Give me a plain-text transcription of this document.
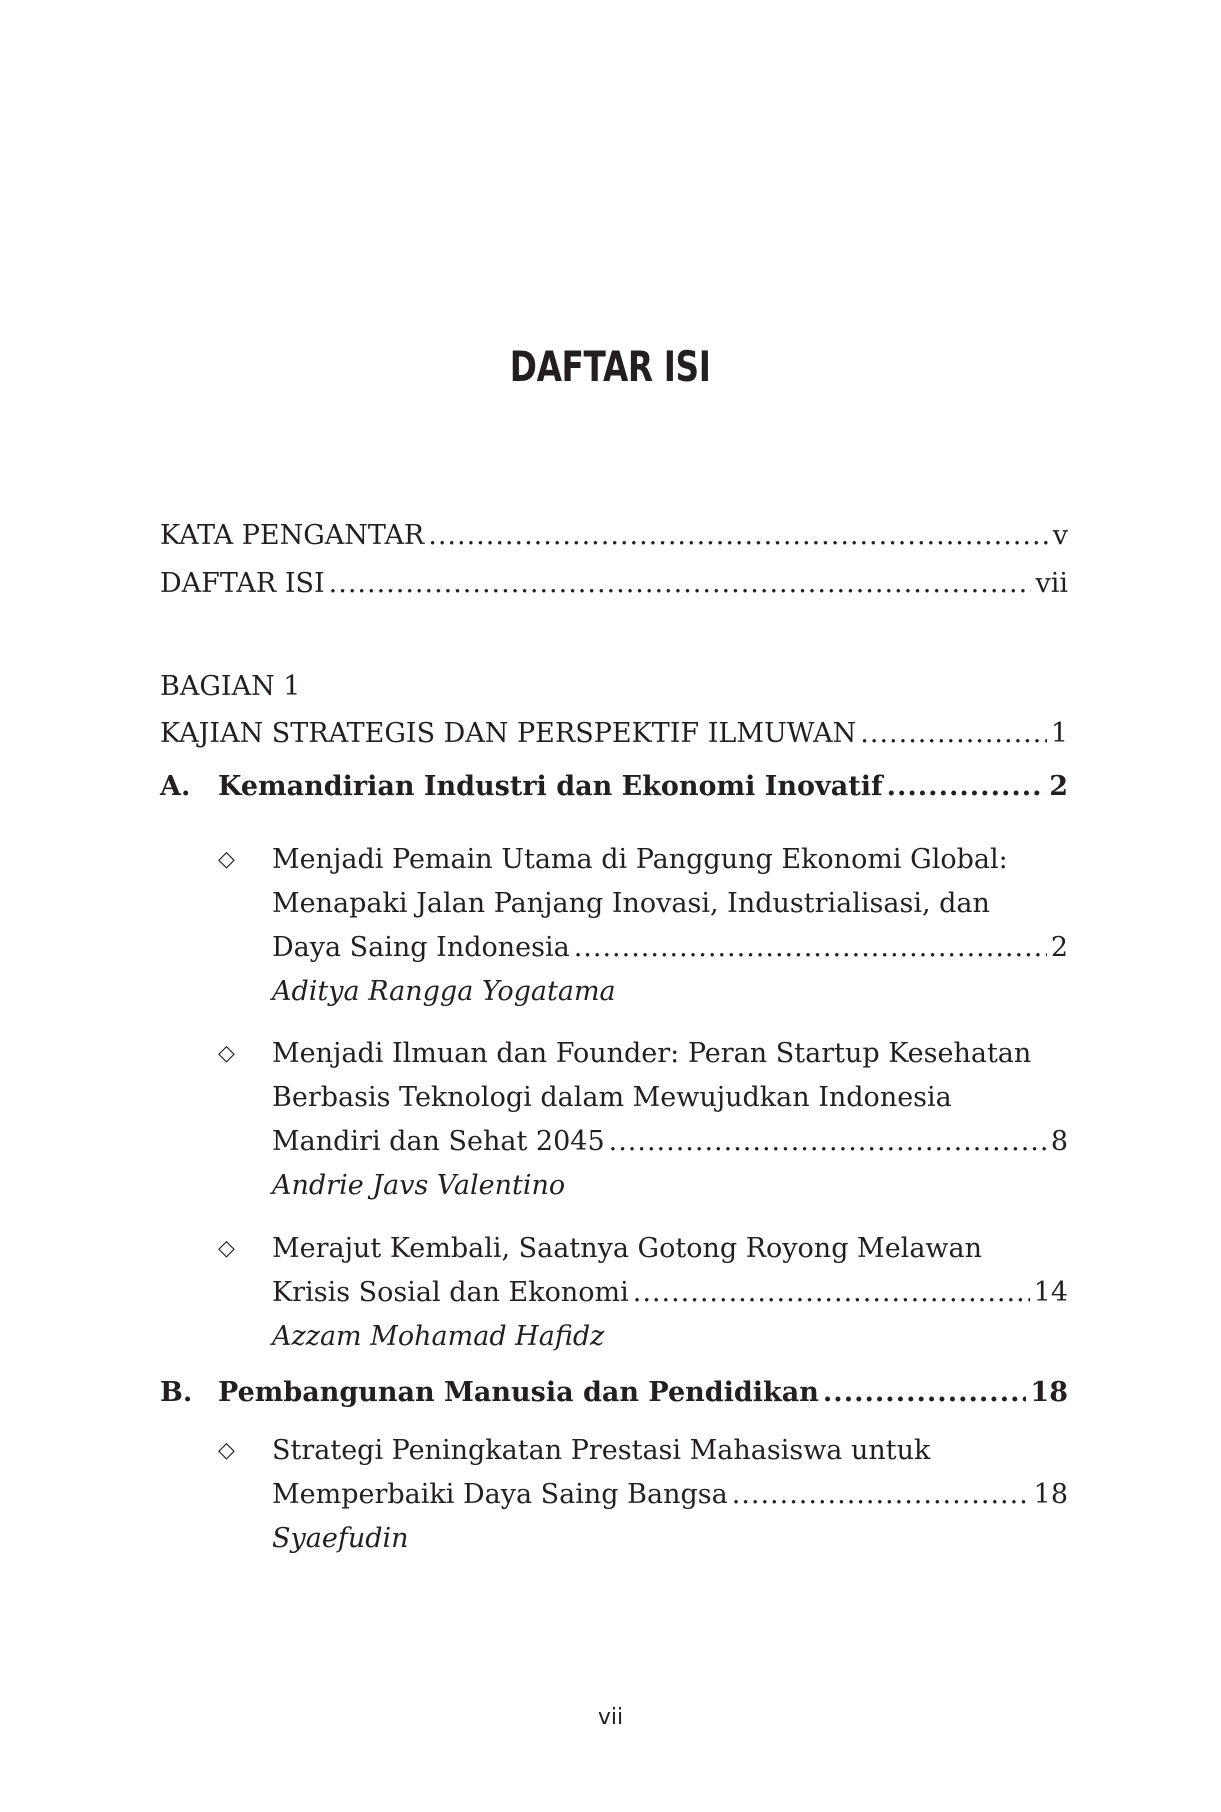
DAFTAR ISI
KATA PENGANTAR .....	v
DAFTAR ISI .....	vii
BAGIAN 1
KAJIAN STRATEGIS DAN PERSPEKTIF ILMUWAN .....	1
A. Kemandirian Industri dan Ekonomi Inovatif .....	2
◇ Menjadi Pemain Utama di Panggung Ekonomi Global:
Menapaki Jalan Panjang Inovasi, Industrialisasi, dan
Daya Saing Indonesia .....	2
Aditya Rangga Yogatama
◇ Menjadi Ilmuan dan Founder: Peran Startup Kesehatan
Berbasis Teknologi dalam Mewujudkan Indonesia
Mandiri dan Sehat 2045 .....	8
Andrie Javs Valentino
◇ Merajut Kembali, Saatnya Gotong Royong Melawan
Krisis Sosial dan Ekonomi .....	14
Azzam Mohamad Hafidz
B. Pembangunan Manusia dan Pendidikan .....	18
◇ Strategi Peningkatan Prestasi Mahasiswa untuk
Memperbaiki Daya Saing Bangsa .....	18
Syaefudin
vii
